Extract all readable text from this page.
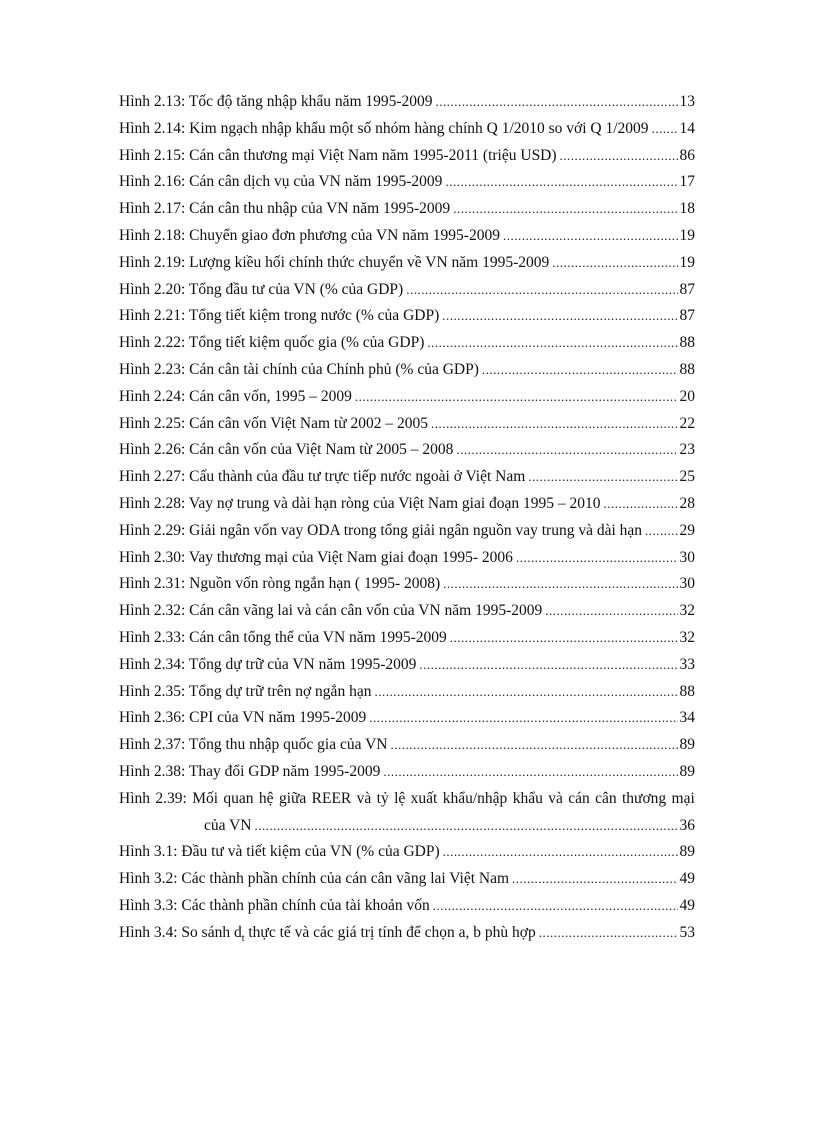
Hình 2.13: Tốc độ tăng nhập khẩu năm 1995-2009 .....	13
Hình 2.14: Kim ngạch nhập khẩu một số nhóm hàng chính Q 1/2010 so với Q 1/2009 ..... 14
Hình 2.15: Cán cân thương mại Việt Nam năm 1995-2011 (triệu USD) .....	86
Hình 2.16: Cán cân dịch vụ của VN năm 1995-2009 .....	17
Hình 2.17: Cán cân thu nhập của VN năm 1995-2009 .....	18
Hình 2.18: Chuyển giao đơn phương của VN năm 1995-2009 .....	19
Hình 2.19: Lượng kiều hối chính thức chuyển về VN năm 1995-2009 .....	19
Hình 2.20: Tổng đầu tư của VN (% của GDP) .....	87
Hình 2.21: Tổng tiết kiệm trong nước (% của GDP) .....	87
Hình 2.22: Tổng tiết kiệm quốc gia (% của GDP) .....	88
Hình 2.23: Cán cân tài chính của Chính phủ (% của GDP) .....	88
Hình 2.24: Cán cân vốn, 1995 – 2009 .....	20
Hình 2.25: Cán cân vốn Việt Nam từ 2002 – 2005 .....	22
Hình 2.26: Cán cân vốn của Việt Nam từ 2005 – 2008 .....	23
Hình 2.27: Cấu thành của đầu tư trực tiếp nước ngoài ở Việt Nam .....	25
Hình 2.28: Vay nợ trung và dài hạn ròng của Việt Nam giai đoạn 1995 – 2010 .....	28
Hình 2.29: Giải ngân vốn vay ODA trong tổng giải ngân nguồn vay trung và dài hạn ..... 29
Hình 2.30: Vay thương mại của Việt Nam giai đoạn 1995- 2006 .....	30
Hình 2.31: Nguồn vốn ròng ngắn hạn ( 1995- 2008) .....	30
Hình 2.32: Cán cân vãng lai và cán cân vốn của VN năm 1995-2009 .....	32
Hình 2.33: Cán cân tổng thể của VN năm 1995-2009 .....	32
Hình 2.34: Tổng dự trữ của VN năm 1995-2009 .....	33
Hình 2.35: Tổng dự trữ trên nợ ngắn hạn .....	88
Hình 2.36: CPI của VN năm 1995-2009 .....	34
Hình 2.37: Tổng thu nhập quốc gia của VN .....	89
Hình 2.38: Thay đổi GDP năm 1995-2009 .....	89
Hình 2.39: Mối quan hệ giữa REER và tỷ lệ xuất khẩu/nhập khẩu và cán cân thương mại
của VN .....	36
Hình 3.1: Đầu tư và tiết kiệm của VN (% của GDP) .....	89
Hình 3.2: Các thành phần chính của cán cân vãng lai Việt Nam .....	49
Hình 3.3: Các thành phần chính của tài khoản vốn .....	49
Hình 3.4: So sánh $d_t$ thực tế và các giá trị tính để chọn a, b phù hợp .....	53
